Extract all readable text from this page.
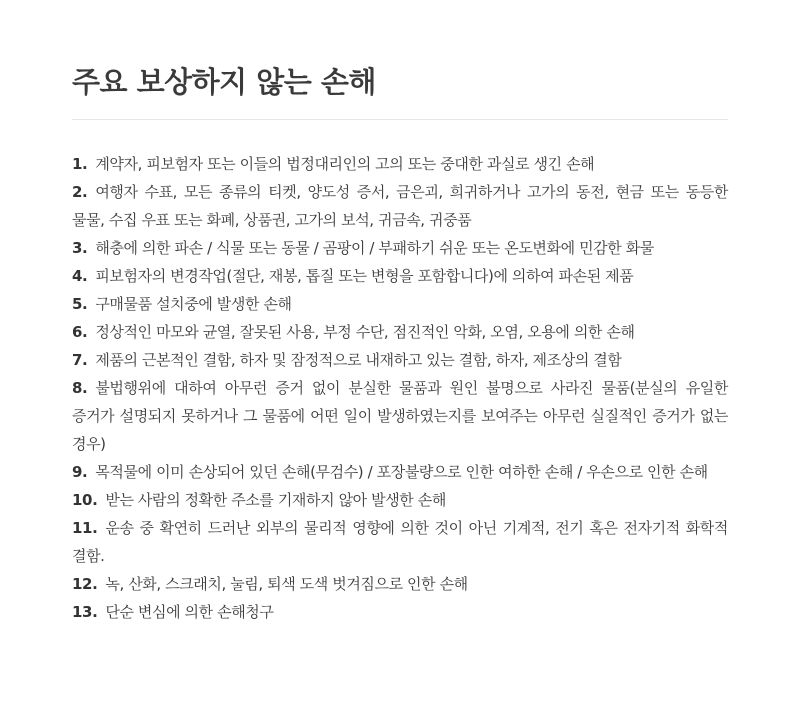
주요 보상하지 않는 손해
1. 계약자, 피보험자 또는 이들의 법정대리인의 고의 또는 중대한 과실로 생긴 손해
2. 여행자 수표, 모든 종류의 티켓, 양도성 증서, 금은괴, 희귀하거나 고가의 동전, 현금 또는 동등한 물물, 수집 우표 또는 화폐, 상품권, 고가의 보석, 귀금속, 귀중품
3. 해충에 의한 파손 / 식물 또는 동물 / 곰팡이 / 부패하기 쉬운 또는 온도변화에 민감한 화물
4. 피보험자의 변경작업(절단, 재봉, 톱질 또는 변형을 포함합니다)에 의하여 파손된 제품
5. 구매물품 설치중에 발생한 손해
6. 정상적인 마모와 균열, 잘못된 사용, 부정 수단, 점진적인 악화, 오염, 오용에 의한 손해
7. 제품의 근본적인 결함, 하자 및 잠정적으로 내재하고 있는 결함, 하자, 제조상의 결함
8. 불법행위에 대하여 아무런 증거 없이 분실한 물품과 원인 불명으로 사라진 물품(분실의 유일한 증거가 설명되지 못하거나 그 물품에 어떤 일이 발생하였는지를 보여주는 아무런 실질적인 증거가 없는 경우)
9. 목적물에 이미 손상되어 있던 손해(무검수) / 포장불량으로 인한 여하한 손해 / 우손으로 인한 손해
10. 받는 사람의 정확한 주소를 기재하지 않아 발생한 손해
11. 운송 중 확연히 드러난 외부의 물리적 영향에 의한 것이 아닌 기계적, 전기 혹은 전자기적 화학적 결함.
12. 녹, 산화, 스크래치, 눌림, 퇴색 도색 벗겨짐으로 인한 손해
13. 단순 변심에 의한 손해청구
